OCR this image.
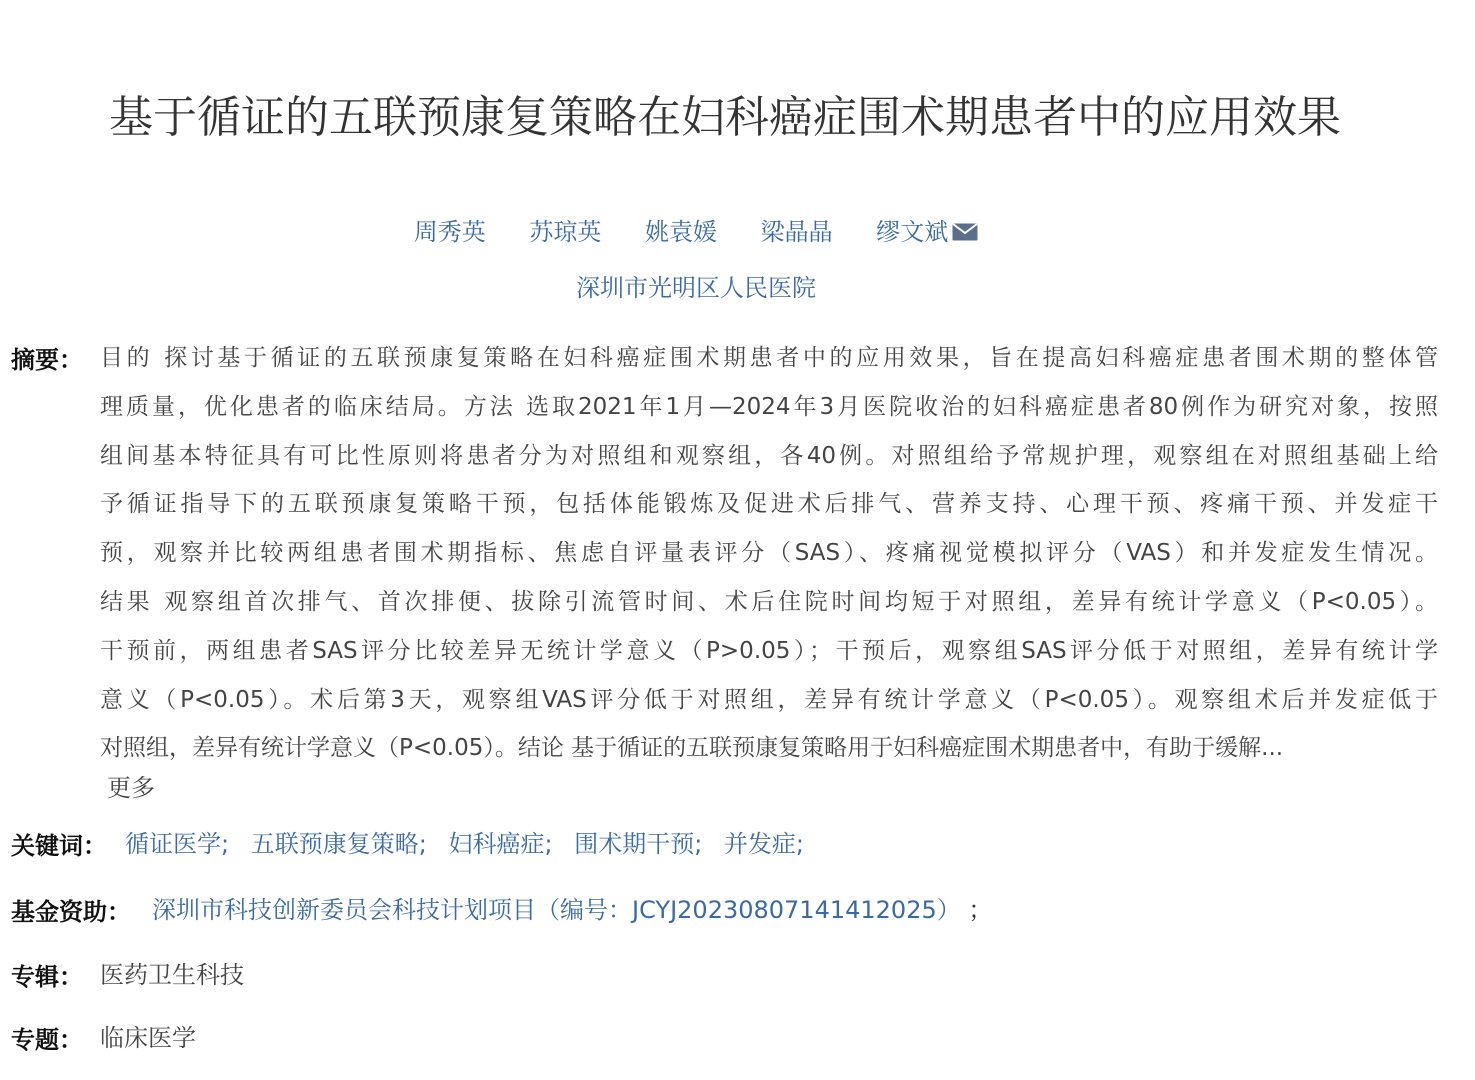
基于循证的五联预康复策略在妇科癌症围术期患者中的应用效果
周秀英 苏琼英 姚袁媛 梁晶晶 缪文斌
深圳市光明区人民医院
摘要： 目的 探讨基于循证的五联预康复策略在妇科癌症围术期患者中的应用效果，旨在提高妇科癌症患者围术期的整体管
理质量，优化患者的临床结局。方法 选取2021年1月—2024年3月医院收治的妇科癌症患者80例作为研究对象，按照
组间基本特征具有可比性原则将患者分为对照组和观察组，各40例。对照组给予常规护理，观察组在对照组基础上给
予循证指导下的五联预康复策略干预，包括体能锻炼及促进术后排气、营养支持、心理干预、疼痛干预、并发症干
预，观察并比较两组患者围术期指标、焦虑自评量表评分（SAS）、疼痛视觉模拟评分（VAS）和并发症发生情况。
结果 观察组首次排气、首次排便、拔除引流管时间、术后住院时间均短于对照组，差异有统计学意义（P<0.05）。
干预前，两组患者SAS评分比较差异无统计学意义（P>0.05）；干预后，观察组SAS评分低于对照组，差异有统计学
意义（P<0.05）。术后第3天，观察组VAS评分低于对照组，差异有统计学意义（P<0.05）。观察组术后并发症低于
对照组，差异有统计学意义（P<0.05）。结论 基于循证的五联预康复策略用于妇科癌症围术期患者中，有助于缓解...
更多
关键词： 循证医学; 五联预康复策略; 妇科癌症; 围术期干预; 并发症;
基金资助： 深圳市科技创新委员会科技计划项目（编号：JCYJ20230807141412025） ；
专辑： 医药卫生科技
专题： 临床医学
